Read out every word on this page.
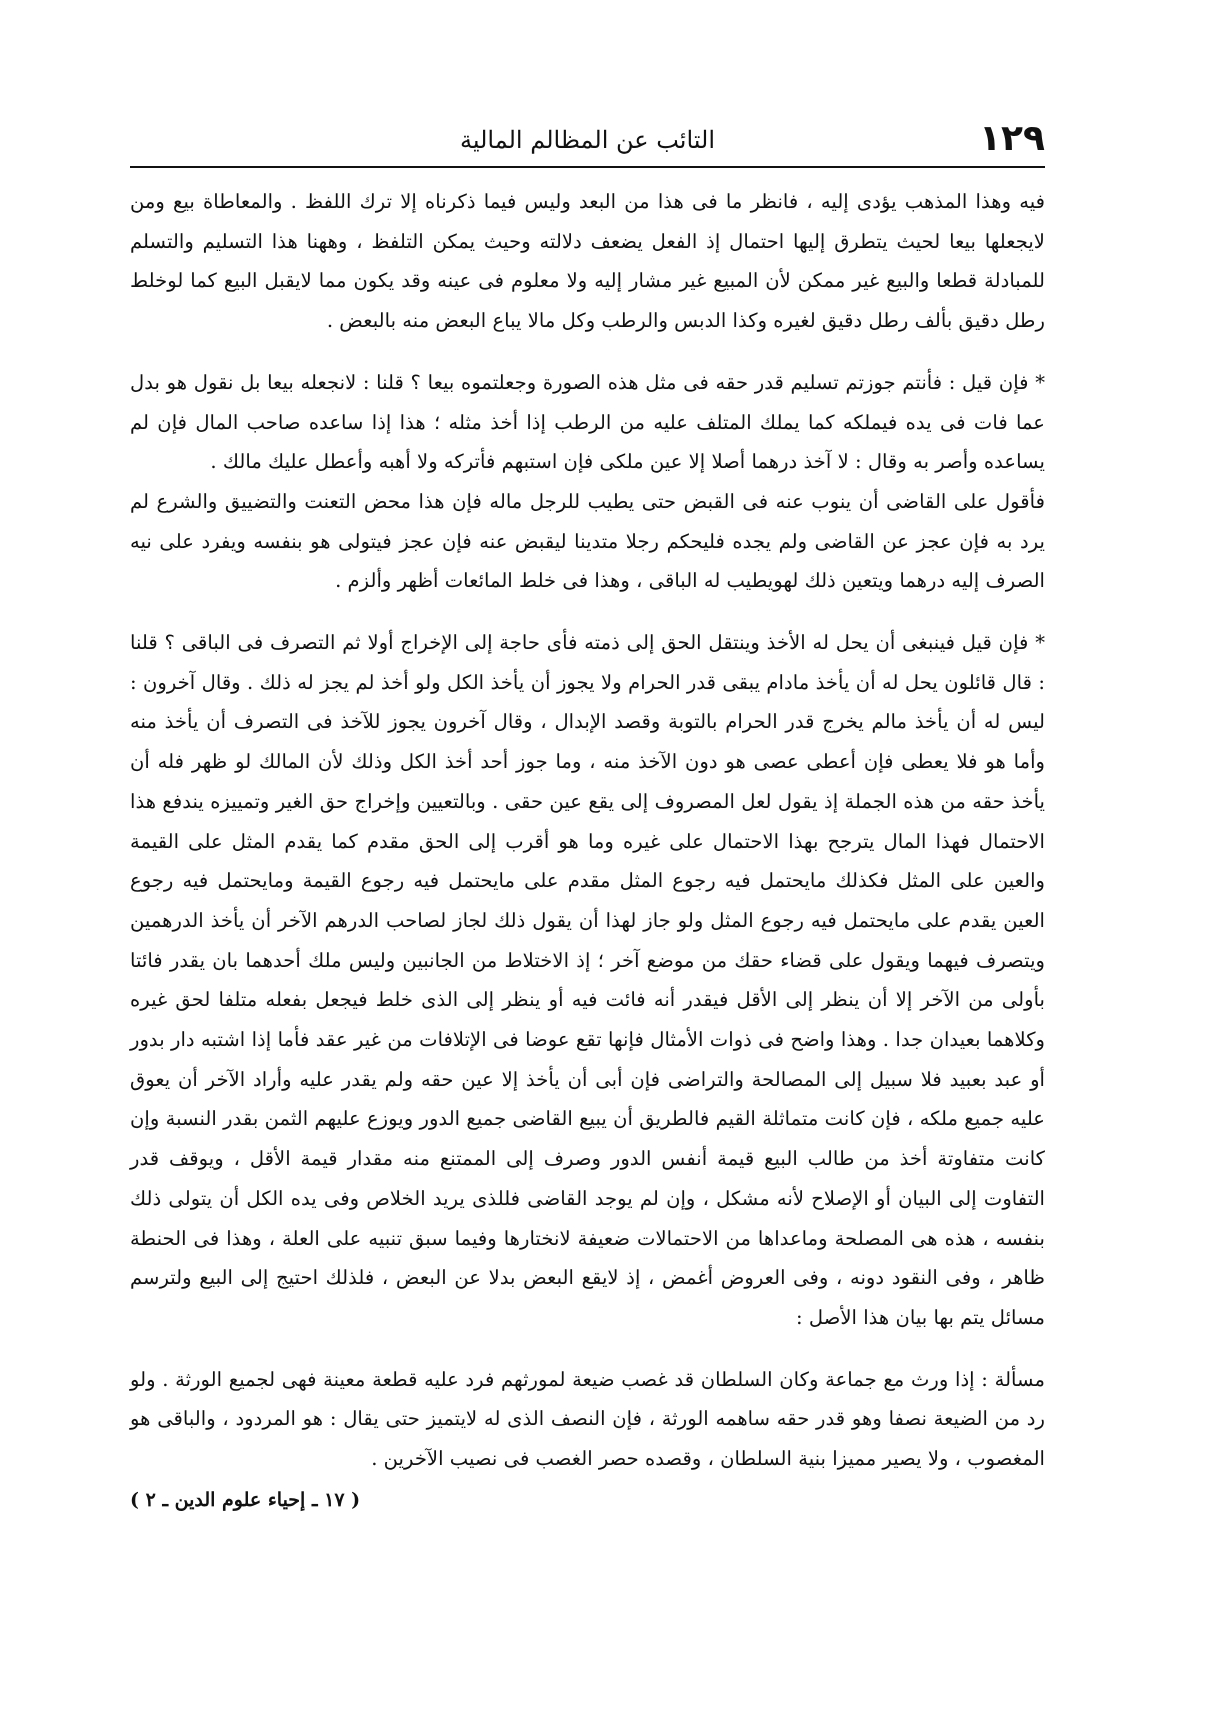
١٢٩
التائب عن المظالم المالية

فيه وهذا المذهب يؤدى إليه ، فانظر ما فى هذا من البعد وليس فيما ذكرناه إلا ترك اللفظ . والمعاطاة بيع ومن لايجعلها بيعا لحيث يتطرق إليها احتمال إذ الفعل يضعف دلالته وحيث يمكن التلفظ ، وههنا هذا التسليم والتسلم للمبادلة قطعا والبيع غير ممكن لأن المبيع غير مشار إليه ولا معلوم فى عينه وقد يكون مما لايقبل البيع كما لوخلط رطل دقيق بألف رطل دقيق لغيره وكذا الدبس والرطب وكل مالا يباع البعض منه بالبعض .

* فإن قيل : فأنتم جوزتم تسليم قدر حقه فى مثل هذه الصورة وجعلتموه بيعا ؟ قلنا : لانجعله بيعا بل نقول هو بدل عما فات فى يده فيملكه كما يملك المتلف عليه من الرطب إذا أخذ مثله ؛ هذا إذا ساعده صاحب المال فإن لم يساعده وأصر به وقال : لا آخذ درهما أصلا إلا عين ملكى فإن استبهم فأتركه ولا أهبه وأعطل عليك مالك .

فأقول على القاضى أن ينوب عنه فى القبض حتى يطيب للرجل ماله فإن هذا محض التعنت والتضييق والشرع لم يرد به فإن عجز عن القاضى ولم يجده فليحكم رجلا متدينا ليقبض عنه فإن عجز فيتولى هو بنفسه ويفرد على نيه الصرف إليه درهما ويتعين ذلك لهويطيب له الباقى ، وهذا فى خلط المائعات أظهر وألزم .

* فإن قيل فينبغى أن يحل له الأخذ وينتقل الحق إلى ذمته فأى حاجة إلى الإخراج أولا ثم التصرف فى الباقى ؟ قلنا : قال قائلون يحل له أن يأخذ مادام يبقى قدر الحرام ولا يجوز أن يأخذ الكل ولو أخذ لم يجز له ذلك . وقال آخرون : ليس له أن يأخذ مالم يخرج قدر الحرام بالتوبة وقصد الإبدال ، وقال آخرون يجوز للآخذ فى التصرف أن يأخذ منه وأما هو فلا يعطى فإن أعطى عصى هو دون الآخذ منه ، وما جوز أحد أخذ الكل وذلك لأن المالك لو ظهر فله أن يأخذ حقه من هذه الجملة إذ يقول لعل المصروف إلى يقع عين حقى . وبالتعيين وإخراج حق الغير وتمييزه يندفع هذا الاحتمال فهذا المال يترجح بهذا الاحتمال على غيره وما هو أقرب إلى الحق مقدم كما يقدم المثل على القيمة والعين على المثل فكذلك مايحتمل فيه رجوع المثل مقدم على مايحتمل فيه رجوع القيمة ومايحتمل فيه رجوع العين يقدم على مايحتمل فيه رجوع المثل ولو جاز لهذا أن يقول ذلك لجاز لصاحب الدرهم الآخر أن يأخذ الدرهمين ويتصرف فيهما ويقول على قضاء حقك من موضع آخر ؛ إذ الاختلاط من الجانبين وليس ملك أحدهما بان يقدر فائتا بأولى من الآخر إلا أن ينظر إلى الأقل فيقدر أنه فائت فيه أو ينظر إلى الذى خلط فيجعل بفعله متلفا لحق غيره وكلاهما بعيدان جدا . وهذا واضح فى ذوات الأمثال فإنها تقع عوضا فى الإتلافات من غير عقد فأما إذا اشتبه دار بدور أو عبد بعبيد فلا سبيل إلى المصالحة والتراضى فإن أبى أن يأخذ إلا عين حقه ولم يقدر عليه وأراد الآخر أن يعوق عليه جميع ملكه ، فإن كانت متماثلة القيم فالطريق أن يبيع القاضى جميع الدور ويوزع عليهم الثمن بقدر النسبة وإن كانت متفاوتة أخذ من طالب البيع قيمة أنفس الدور وصرف إلى الممتنع منه مقدار قيمة الأقل ، ويوقف قدر التفاوت إلى البيان أو الإصلاح لأنه مشكل ، وإن لم يوجد القاضى فللذى يريد الخلاص وفى يده الكل أن يتولى ذلك بنفسه ، هذه هى المصلحة وماعداها من الاحتمالات ضعيفة لانختارها وفيما سبق تنبيه على العلة ، وهذا فى الحنطة ظاهر ، وفى النقود دونه ، وفى العروض أغمض ، إذ لايقع البعض بدلا عن البعض ، فلذلك احتيج إلى البيع ولترسم مسائل يتم بها بيان هذا الأصل :

مسألة : إذا ورث مع جماعة وكان السلطان قد غصب ضيعة لمورثهم فرد عليه قطعة معينة فهى لجميع الورثة . ولو رد من الضيعة نصفا وهو قدر حقه ساهمه الورثة ، فإن النصف الذى له لايتميز حتى يقال : هو المردود ، والباقى هو المغصوب ، ولا يصير مميزا بنية السلطان ، وقصده حصر الغصب فى نصيب الآخرين .

( ١٧ ـ إحياء علوم الدين ـ ٢ )
